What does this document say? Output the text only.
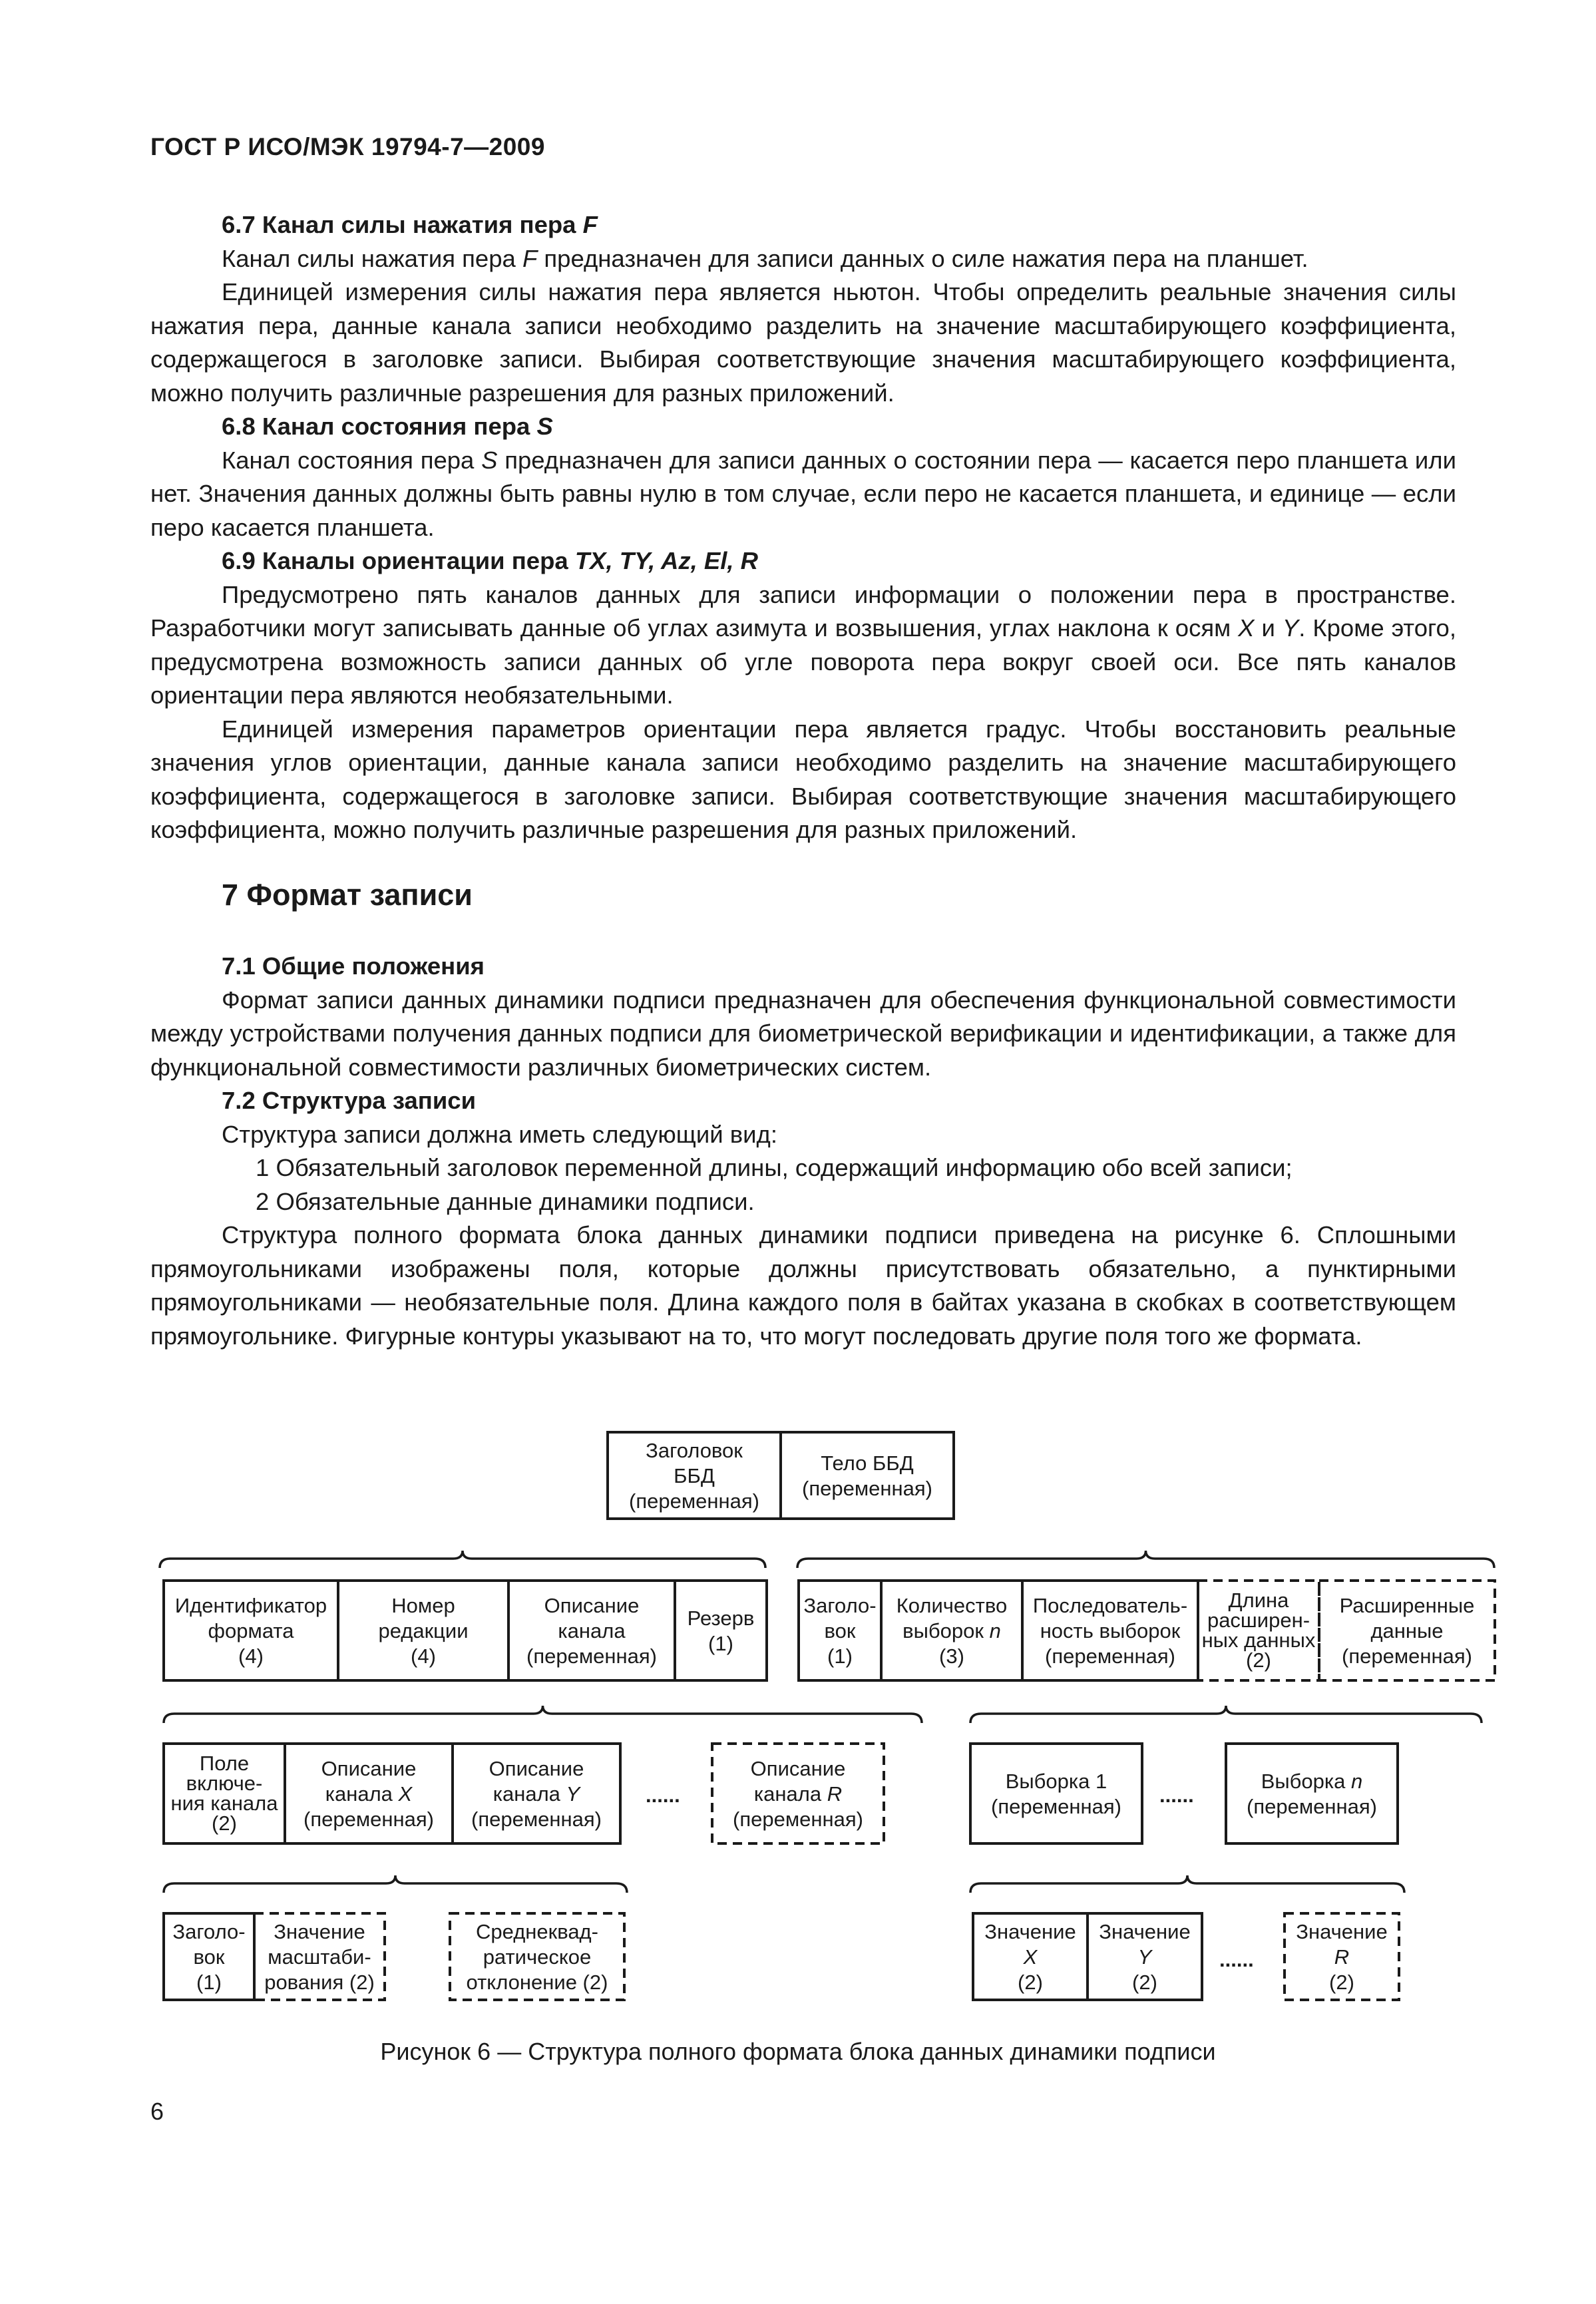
ГОСТ Р ИСО/МЭК 19794-7—2009

6.7 Канал силы нажатия пера F

Канал силы нажатия пера F предназначен для записи данных о силе нажатия пера на планшет.

Единицей измерения силы нажатия пера является ньютон. Чтобы определить реальные значения силы нажатия пера, данные канала записи необходимо разделить на значение масштабирующего коэффициента, содержащегося в заголовке записи. Выбирая соответствующие значения масштабирующего коэффициента, можно получить различные разрешения для разных приложений.

6.8 Канал состояния пера S

Канал состояния пера S предназначен для записи данных о состоянии пера — касается перо планшета или нет. Значения данных должны быть равны нулю в том случае, если перо не касается планшета, и единице — если перо касается планшета.

6.9 Каналы ориентации пера TX, TY, Az, El, R

Предусмотрено пять каналов данных для записи информации о положении пера в пространстве. Разработчики могут записывать данные об углах азимута и возвышения, углах наклона к осям X и Y. Кроме этого, предусмотрена возможность записи данных об угле поворота пера вокруг своей оси. Все пять каналов ориентации пера являются необязательными.

Единицей измерения параметров ориентации пера является градус. Чтобы восстановить реальные значения углов ориентации, данные канала записи необходимо разделить на значение масштабирующего коэффициента, содержащегося в заголовке записи. Выбирая соответствующие значения масштабирующего коэффициента, можно получить различные разрешения для разных приложений.

7 Формат записи

7.1 Общие положения

Формат записи данных динамики подписи предназначен для обеспечения функциональной совместимости между устройствами получения данных подписи для биометрической верификации и идентификации, а также для функциональной совместимости различных биометрических систем.

7.2 Структура записи

Структура записи должна иметь следующий вид:

1 Обязательный заголовок переменной длины, содержащий информацию обо всей записи;

2 Обязательные данные динамики подписи.

Структура полного формата блока данных динамики подписи приведена на рисунке 6. Сплошными прямоугольниками изображены поля, которые должны присутствовать обязательно, а пунктирными прямоугольниками — необязательные поля. Длина каждого поля в байтах указана в скобках в соответствующем прямоугольнике. Фигурные контуры указывают на то, что могут последовать другие поля того же формата.

Заголовок
ББД
(переменная)
Тело ББД
(переменная)
Идентификатор
формата
(4)
Номер
редакции
(4)
Описание
канала
(переменная)
Резерв
(1)
Заголо-
вок
(1)
Количество
выборок n
(3)
Последователь-
ность выборок
(переменная)
Длина
расширен-
ных данных
(2)
Расширенные
данные
(переменная)
Поле
включе-
ния канала
(2)
Описание
канала X
(переменная)
Описание
канала Y
(переменная)
......
Описание
канала R
(переменная)
Выборка 1
(переменная) ......
Выборка n
(переменная)
Заголо-
вок
(1)
Значение
масштаби-
рования (2)
Среднеквад-
ратическое
отклонение (2)
Значение
X
(2)
Значение
Y
(2)
......
Значение
R
(2)
Рисунок 6 — Структура полного формата блока данных динамики подписи
6
